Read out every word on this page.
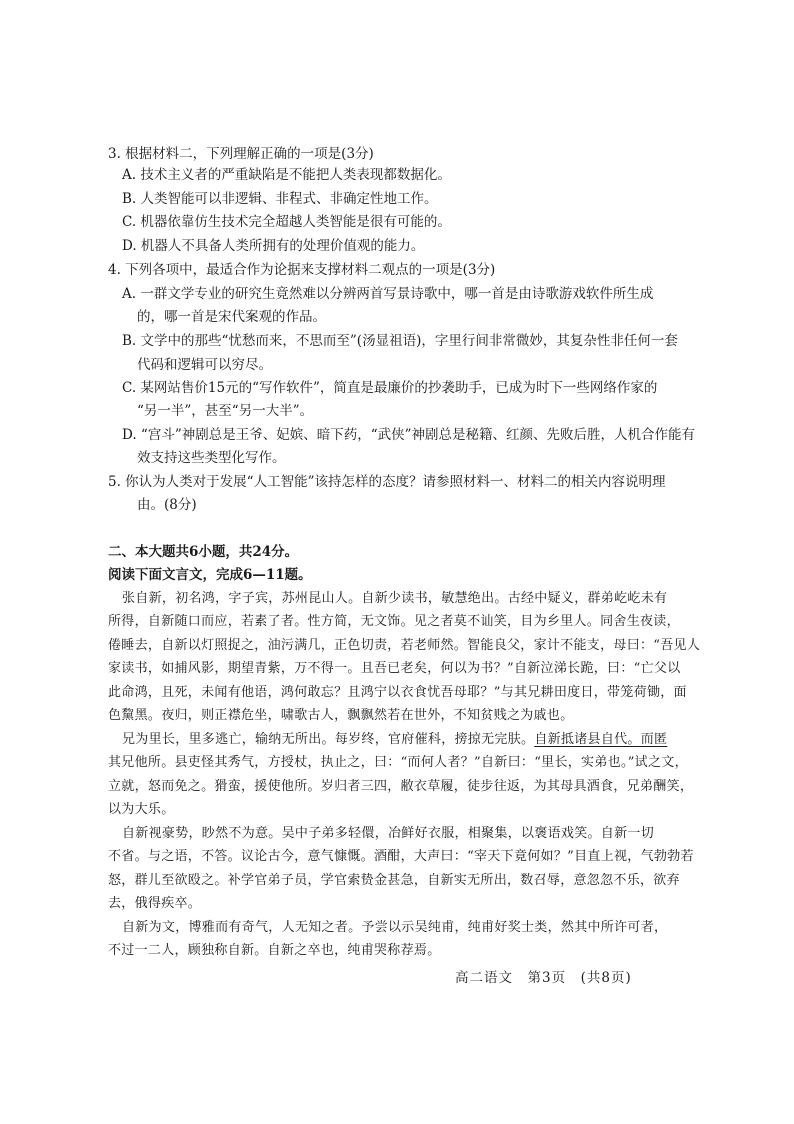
3. 根据材料二，下列理解正确的一项是(3分)
A. 技术主义者的严重缺陷是不能把人类表现都数据化。
B. 人类智能可以非逻辑、非程式、非确定性地工作。
C. 机器依靠仿生技术完全超越人类智能是很有可能的。
D. 机器人不具备人类所拥有的处理价值观的能力。
4. 下列各项中，最适合作为论据来支撑材料二观点的一项是(3分)
A. 一群文学专业的研究生竟然难以分辨两首写景诗歌中，哪一首是由诗歌游戏软件所生成
的，哪一首是宋代案观的作品。
B. 文学中的那些“忧愁而来，不思而至”(汤显祖语)，字里行间非常微妙，其复杂性非任何一套
代码和逻辑可以穷尽。
C. 某网站售价15元的“写作软件”，简直是最廉价的抄袭助手，已成为时下一些网络作家的
“另一半”，甚至“另一大半”。
D. “宫斗”神剧总是王爷、妃嫔、暗下药，“武侠”神剧总是秘籍、红颜、先败后胜，人机合作能有
效支持这些类型化写作。
5. 你认为人类对于发展“人工智能”该持怎样的态度？请参照材料一、材料二的相关内容说明理
由。(8分)
二、本大题共6小题，共24分。
阅读下面文言文，完成6—11题。
张自新，初名鸿，字子宾，苏州昆山人。自新少读书，敏慧绝出。古经中疑义，群弟屹屹未有
所得，自新随口而应，若素了者。性方简，无文饰。见之者莫不讪笑，目为乡里人。同舍生夜读，
倦睡去，自新以灯照捉之，油污满几，正色切责，若老师然。智能良父，家计不能支，母曰：“吾见人
家读书，如捕风影，期望青紫，万不得一。且吾已老矣，何以为书？”自新泣涕长跪，曰：“亡父以
此命鸿，且死，未闻有他语，鸿何敢忘？且鸿宁以衣食忧吾母耶？”与其兄耕田度日，带笼荷锄，面
色黧黑。夜归，则正襟危坐，啸歌古人，飘飘然若在世外，不知贫贱之为戚也。
兄为里长，里多逃亡，输纳无所出。每岁终，官府催科，搒掠无完肤。自新抵诸县自代。而匿
其兄他所。县吏怪其秀气，方授杖，执止之，曰：“而何人者？”自新曰：“里长，实弟也。”试之文，
立就，怒而免之。猾蛮，援使他所。岁归者三四，敝衣草履，徒步往返，为其母具酒食，兄弟酬笑，
以为大乐。
自新视豪势，眇然不为意。吴中子弟多轻儇，冶鲜好衣服，相聚集，以褒语戏笑。自新一切
不省。与之语，不答。议论古今，意气慷慨。酒酣，大声曰：“宰天下竟何如？”目直上视，气勃勃若
怒，群儿至欲殴之。补学官弟子员，学官索贽金甚急，自新实无所出，数召辱，意忽忽不乐，欲弃
去，俄得疾卒。
自新为文，博雅而有奇气，人无知之者。予尝以示吴纯甫，纯甫好奖士类，然其中所许可者，
不过一二人，顾独称自新。自新之卒也，纯甫哭称荐焉。
高二语文　第3页　(共8页)
